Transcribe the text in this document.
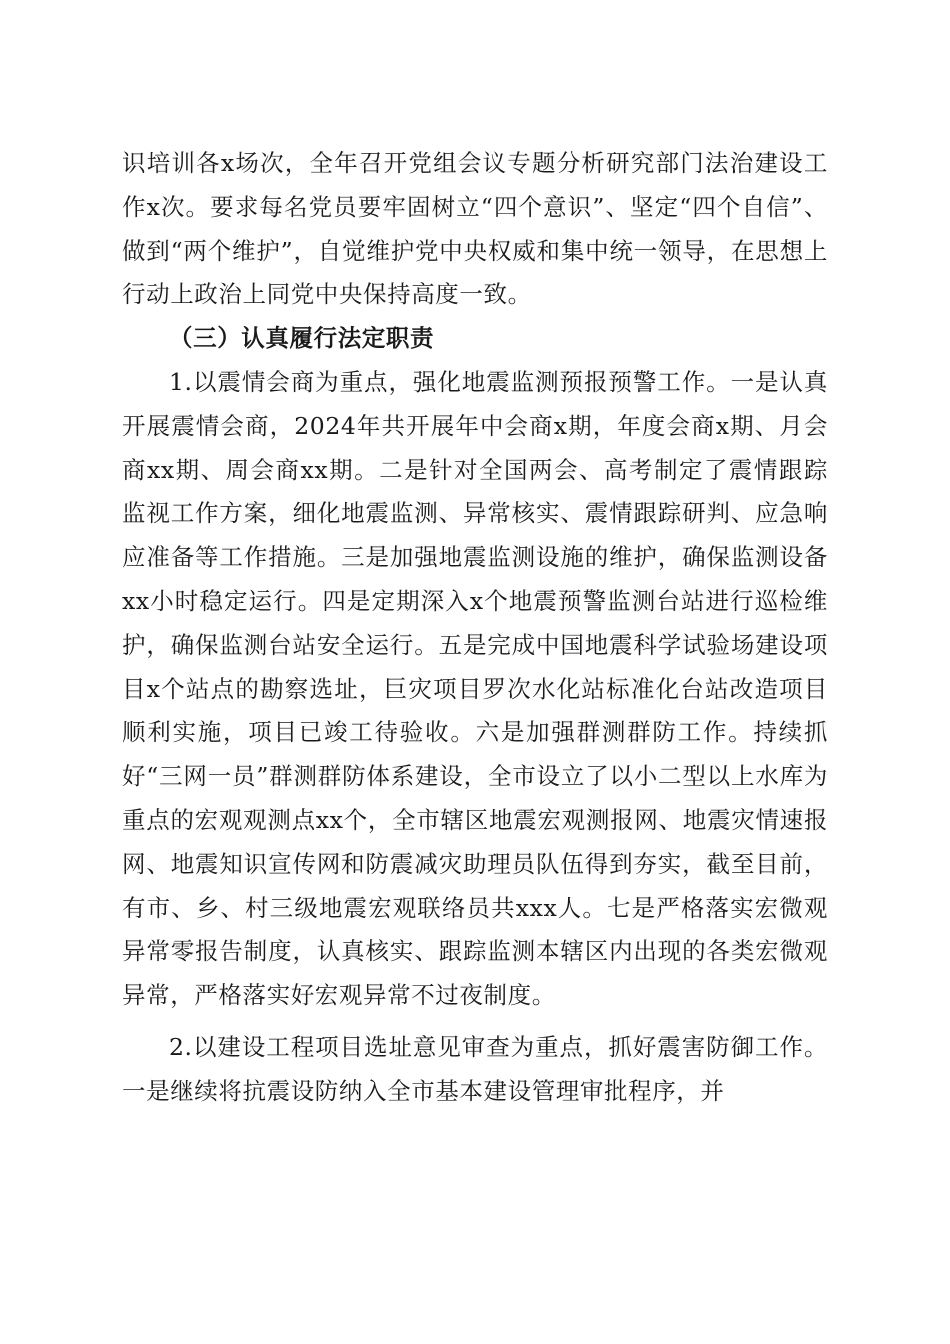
识培训各x场次，全年召开党组会议专题分析研究部门法治建设工作x次。要求每名党员要牢固树立“四个意识”、坚定“四个自信”、做到“两个维护”，自觉维护党中央权威和集中统一领导，在思想上行动上政治上同党中央保持高度一致。

（三）认真履行法定职责

1.以震情会商为重点，强化地震监测预报预警工作。一是认真开展震情会商，2024年共开展年中会商x期，年度会商x期、月会商xx期、周会商xx期。二是针对全国两会、高考制定了震情跟踪监视工作方案，细化地震监测、异常核实、震情跟踪研判、应急响应准备等工作措施。三是加强地震监测设施的维护，确保监测设备xx小时稳定运行。四是定期深入x个地震预警监测台站进行巡检维护，确保监测台站安全运行。五是完成中国地震科学试验场建设项目x个站点的勘察选址，巨灾项目罗次水化站标准化台站改造项目顺利实施，项目已竣工待验收。六是加强群测群防工作。持续抓好“三网一员”群测群防体系建设，全市设立了以小二型以上水库为重点的宏观观测点xx个，全市辖区地震宏观测报网、地震灾情速报网、地震知识宣传网和防震减灾助理员队伍得到夯实，截至目前，有市、乡、村三级地震宏观联络员共xxx人。七是严格落实宏微观异常零报告制度，认真核实、跟踪监测本辖区内出现的各类宏微观异常，严格落实好宏观异常不过夜制度。

2.以建设工程项目选址意见审查为重点，抓好震害防御工作。一是继续将抗震设防纳入全市基本建设管理审批程序，并
